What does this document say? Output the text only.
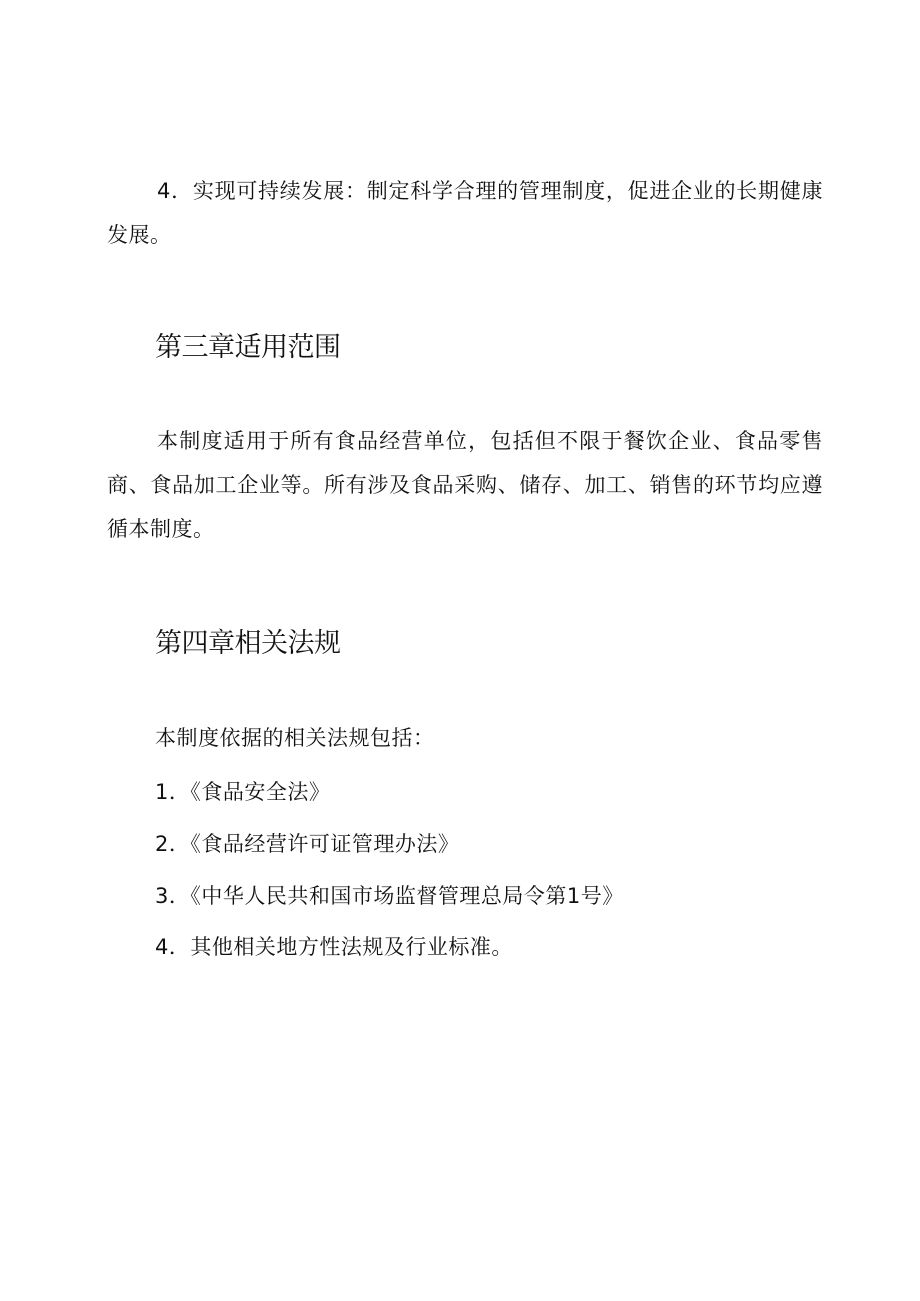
4．实现可持续发展：制定科学合理的管理制度，促进企业的长期健康发展。

第三章适用范围

本制度适用于所有食品经营单位，包括但不限于餐饮企业、食品零售商、食品加工企业等。所有涉及食品采购、储存、加工、销售的环节均应遵循本制度。

第四章相关法规

本制度依据的相关法规包括：

1．《食品安全法》

2．《食品经营许可证管理办法》

3．《中华人民共和国市场监督管理总局令第1号》

4．其他相关地方性法规及行业标准。
